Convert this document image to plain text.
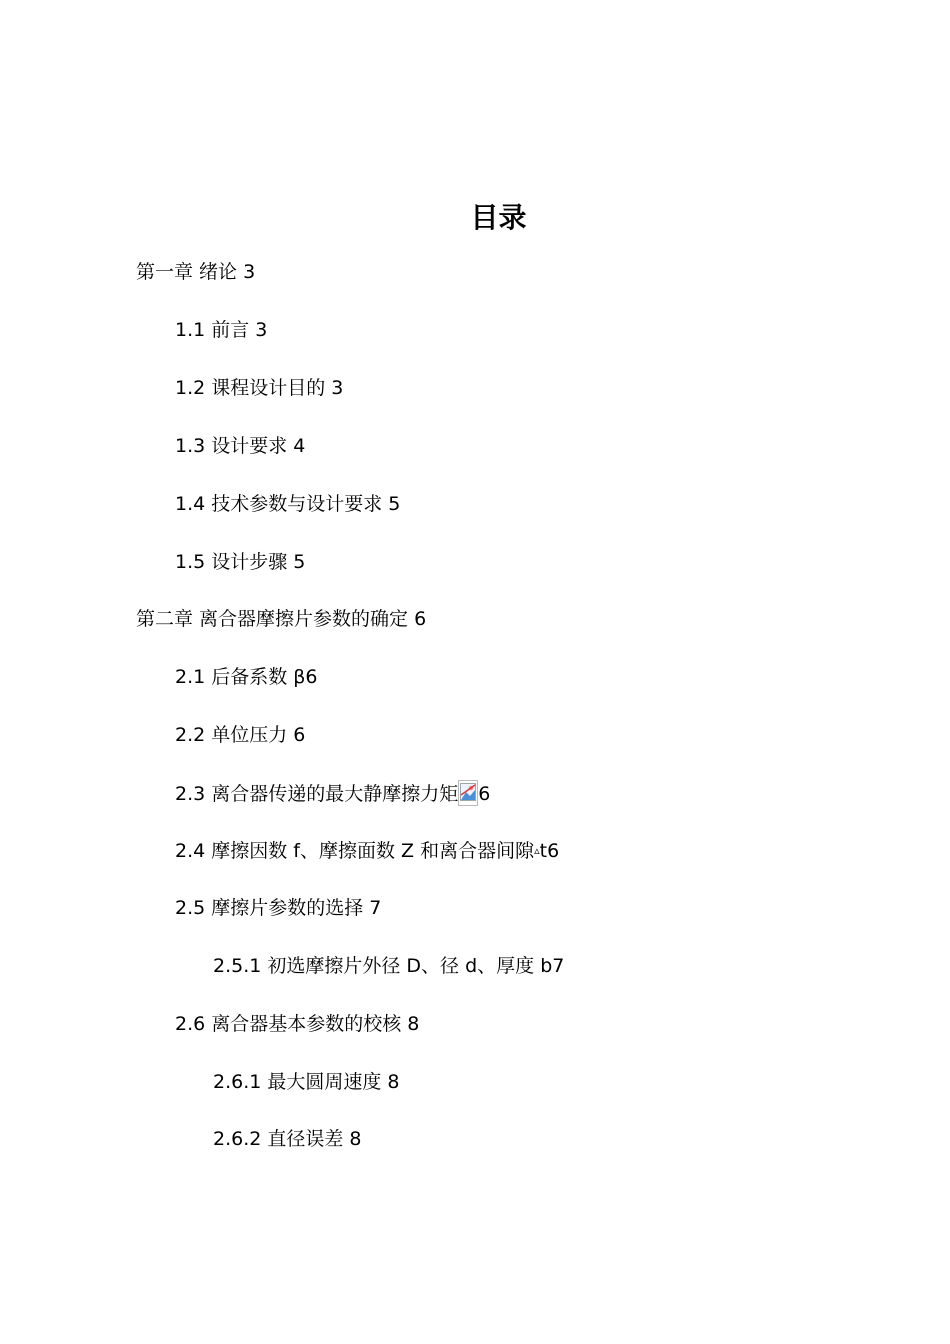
目录
第一章 绪论 3
1.1 前言 3
1.2 课程设计目的 3
1.3 设计要求 4
1.4 技术参数与设计要求 5
1.5 设计步骤 5
第二章 离合器摩擦片参数的确定 6
2.1 后备系数 β6
2.2 单位压力 6
2.3 离合器传递的最大静摩擦力矩 6
2.4 摩擦因数 f、摩擦面数 Z 和离合器间隙▵t6
2.5 摩擦片参数的选择 7
2.5.1 初选摩擦片外径 D、径 d、厚度 b7
2.6 离合器基本参数的校核 8
2.6.1 最大圆周速度 8
2.6.2 直径误差 8
